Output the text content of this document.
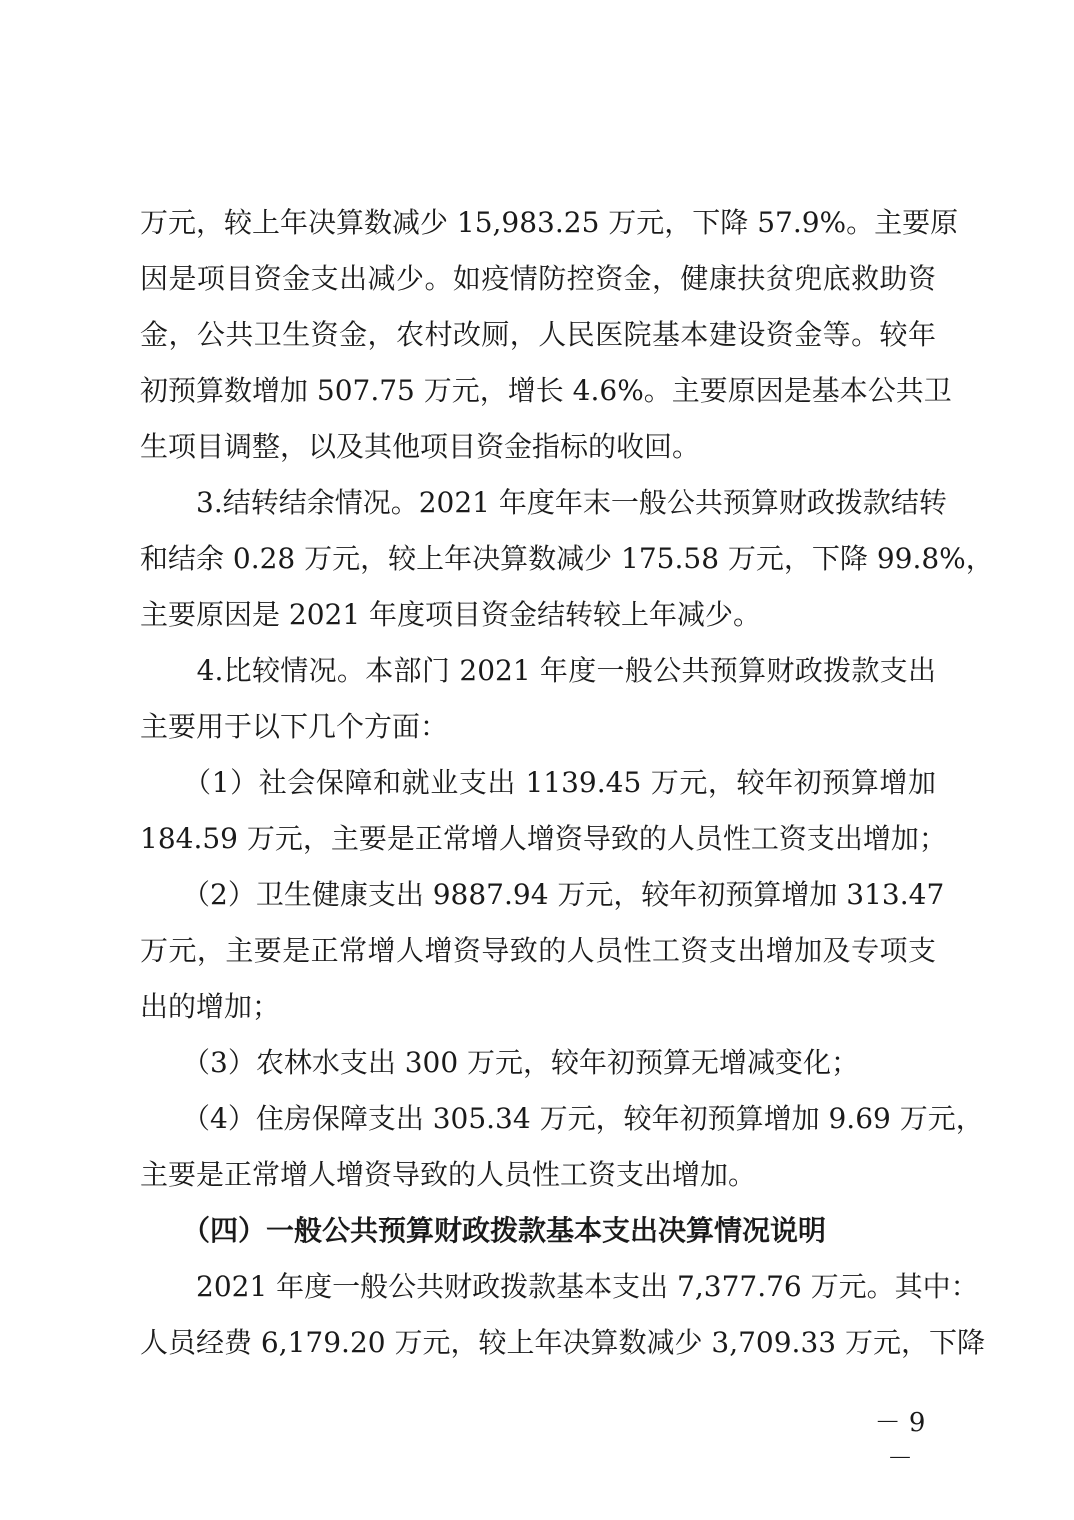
万元，较上年决算数减少 15,983.25 万元，下降 57.9%。主要原
因是项目资金支出减少。如疫情防控资金，健康扶贫兜底救助资
金，公共卫生资金，农村改厕，人民医院基本建设资金等。较年
初预算数增加 507.75 万元，增长 4.6%。主要原因是基本公共卫
生项目调整，以及其他项目资金指标的收回。
　　3.结转结余情况。2021 年度年末一般公共预算财政拨款结转
和结余 0.28 万元，较上年决算数减少 175.58 万元，下降 99.8%，
主要原因是 2021 年度项目资金结转较上年减少。
　　4.比较情况。本部门 2021 年度一般公共预算财政拨款支出
主要用于以下几个方面：
　　（1）社会保障和就业支出 1139.45 万元，较年初预算增加
184.59 万元，主要是正常增人增资导致的人员性工资支出增加；
　　（2）卫生健康支出 9887.94 万元，较年初预算增加 313.47
万元，主要是正常增人增资导致的人员性工资支出增加及专项支
出的增加；
　　（3）农林水支出 300 万元，较年初预算无增减变化；
　　（4）住房保障支出 305.34 万元，较年初预算增加 9.69 万元，
主要是正常增人增资导致的人员性工资支出增加。
　　（四）一般公共预算财政拨款基本支出决算情况说明
　　2021 年度一般公共财政拨款基本支出 7,377.76 万元。其中：
人员经费 6,179.20 万元，较上年决算数减少 3,709.33 万元，下降
－ 9 －
